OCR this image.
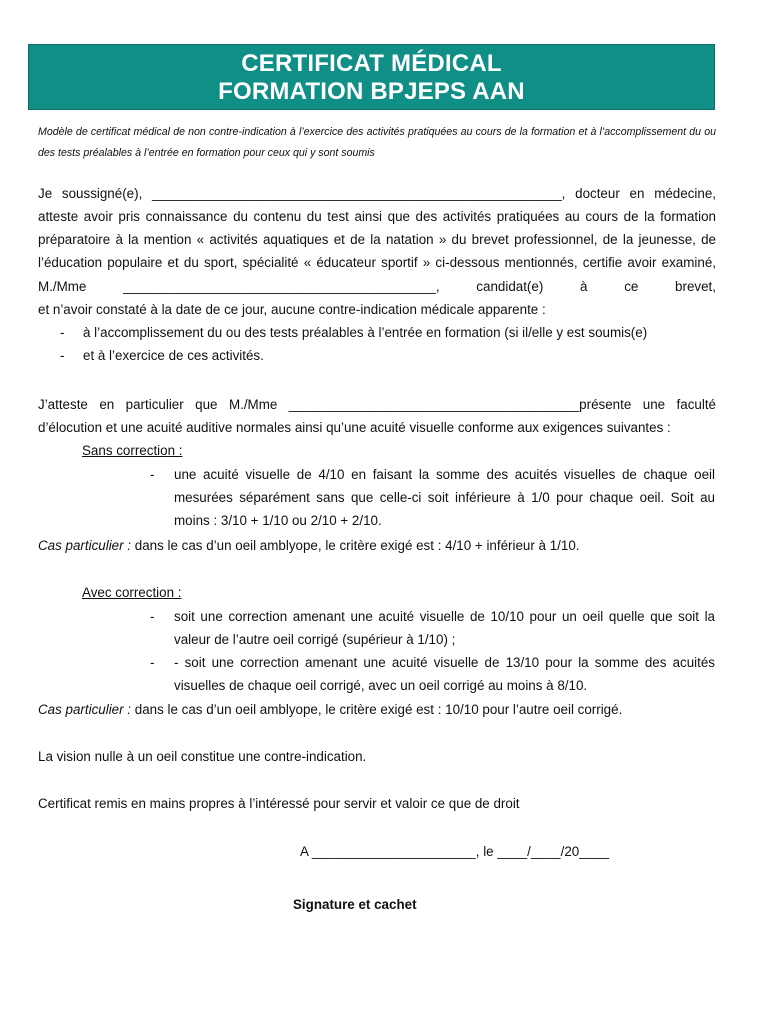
CERTIFICAT MÉDICAL
FORMATION BPJEPS AAN
Modèle de certificat médical de non contre-indication à l’exercice des activités pratiquées au cours de la formation et à l’accomplissement du ou des tests préalables à l’entrée en formation pour ceux qui y sont soumis
Je soussigné(e), _______________________________________________________, docteur en médecine,
atteste avoir pris connaissance du contenu du test ainsi que des activités pratiquées au cours de la formation préparatoire à la mention « activités aquatiques et de la natation » du brevet professionnel, de la jeunesse, de l’éducation populaire et du sport, spécialité « éducateur sportif » ci-dessous mentionnés, certifie avoir examiné, M./Mme __________________________________________, candidat(e) à ce brevet,
et n’avoir constaté à la date de ce jour, aucune contre-indication médicale apparente :
- à l’accomplissement du ou des tests préalables à l’entrée en formation (si il/elle y est soumis(e)
- et à l’exercice de ces activités.
J’atteste en particulier que M./Mme _______________________________________présente une faculté
d’élocution et une acuité auditive normales ainsi qu’une acuité visuelle conforme aux exigences suivantes :
Sans correction :
- une acuité visuelle de 4/10 en faisant la somme des acuités visuelles de chaque oeil mesurées séparément sans que celle-ci soit inférieure à 1/0 pour chaque oeil. Soit au moins : 3/10 + 1/10 ou 2/10 + 2/10.
Cas particulier : dans le cas d’un oeil amblyope, le critère exigé est : 4/10 + inférieur à 1/10.
Avec correction :
- soit une correction amenant une acuité visuelle de 10/10 pour un oeil quelle que soit la valeur de l’autre oeil corrigé (supérieur à 1/10) ;
- - soit une correction amenant une acuité visuelle de 13/10 pour la somme des acuités visuelles de chaque oeil corrigé, avec un oeil corrigé au moins à 8/10.
Cas particulier : dans le cas d’un oeil amblyope, le critère exigé est : 10/10 pour l’autre oeil corrigé.
La vision nulle à un oeil constitue une contre-indication.
Certificat remis en mains propres à l’intéressé pour servir et valoir ce que de droit
A ______________________, le ____/____/20____
Signature et cachet
